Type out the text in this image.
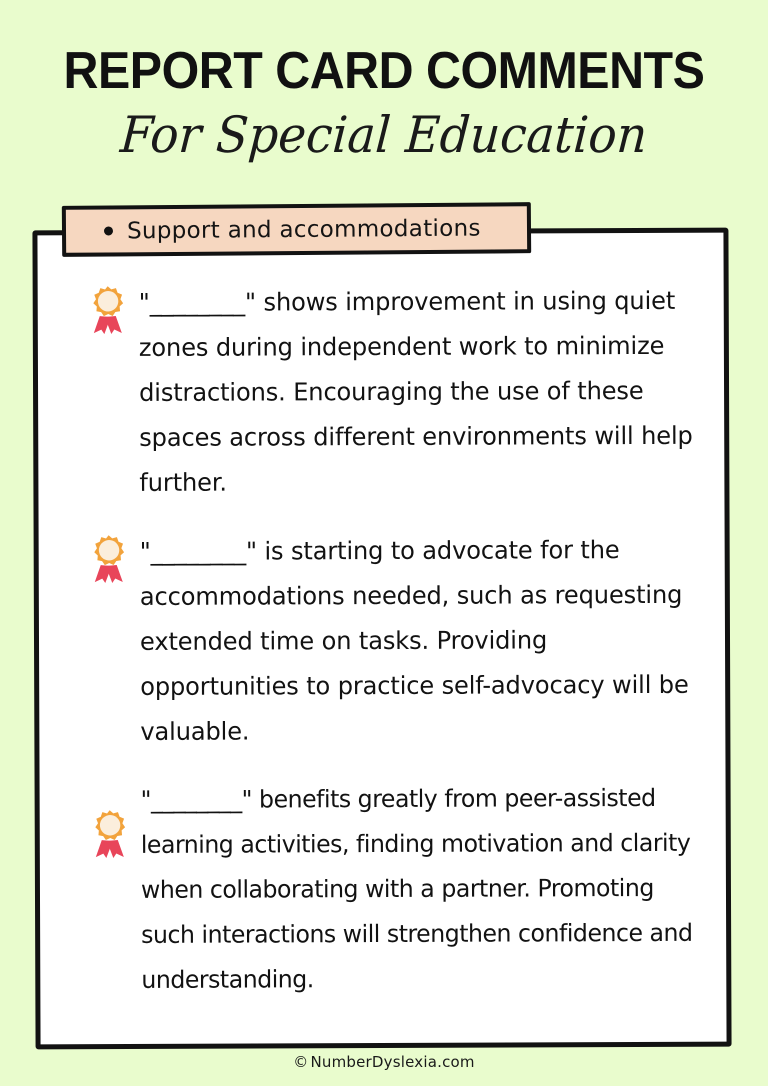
REPORT CARD COMMENTS
For Special Education
"________" shows improvement in using quiet zones during independent work to minimize distractions. Encouraging the use of these spaces across different environments will help further.
"________" is starting to advocate for the accommodations needed, such as requesting extended time on tasks. Providing opportunities to practice self-advocacy will be valuable.
"________" benefits greatly from peer-assisted learning activities, finding motivation and clarity when collaborating with a partner. Promoting such interactions will strengthen confidence and understanding.
Support and accommodations
© NumberDyslexia.com
